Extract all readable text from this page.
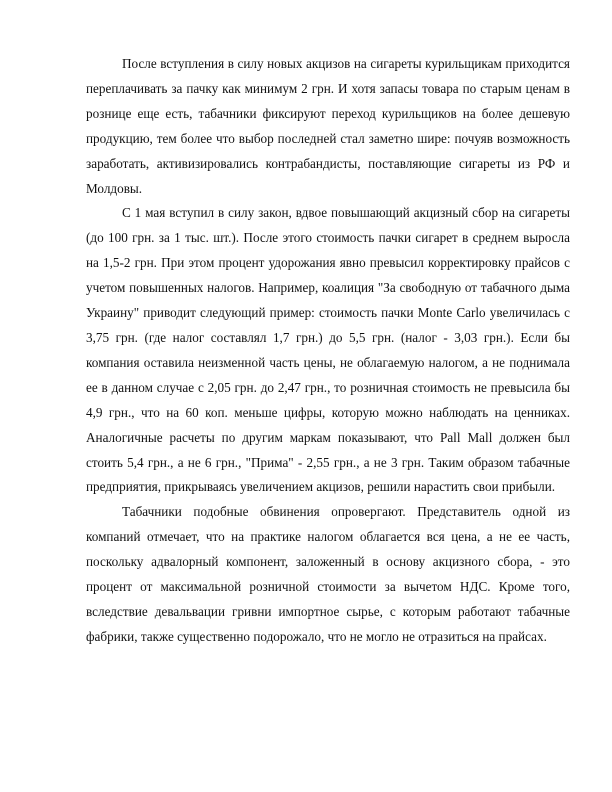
После вступления в силу новых акцизов на сигареты курильщикам приходится переплачивать за пачку как минимум 2 грн. И хотя запасы товара по старым ценам в рознице еще есть, табачники фиксируют переход курильщиков на более дешевую продукцию, тем более что выбор последней стал заметно шире: почуяв возможность заработать, активизировались контрабандисты, поставляющие сигареты из РФ и Молдовы.

С 1 мая вступил в силу закон, вдвое повышающий акцизный сбор на сигареты (до 100 грн. за 1 тыс. шт.). После этого стоимость пачки сигарет в среднем выросла на 1,5-2 грн. При этом процент удорожания явно превысил корректировку прайсов с учетом повышенных налогов. Например, коалиция "За свободную от табачного дыма Украину" приводит следующий пример: стоимость пачки Monte Carlo увеличилась с 3,75 грн. (где налог составлял 1,7 грн.) до 5,5 грн. (налог - 3,03 грн.). Если бы компания оставила неизменной часть цены, не облагаемую налогом, а не поднимала ее в данном случае с 2,05 грн. до 2,47 грн., то розничная стоимость не превысила бы 4,9 грн., что на 60 коп. меньше цифры, которую можно наблюдать на ценниках. Аналогичные расчеты по другим маркам показывают, что Pall Mall должен был стоить 5,4 грн., а не 6 грн., "Прима" - 2,55 грн., а не 3 грн. Таким образом табачные предприятия, прикрываясь увеличением акцизов, решили нарастить свои прибыли.

Табачники подобные обвинения опровергают. Представитель одной из компаний отмечает, что на практике налогом облагается вся цена, а не ее часть, поскольку адвалорный компонент, заложенный в основу акцизного сбора, - это процент от максимальной розничной стоимости за вычетом НДС. Кроме того, вследствие девальвации гривни импортное сырье, с которым работают табачные фабрики, также существенно подорожало, что не могло не отразиться на прайсах.
